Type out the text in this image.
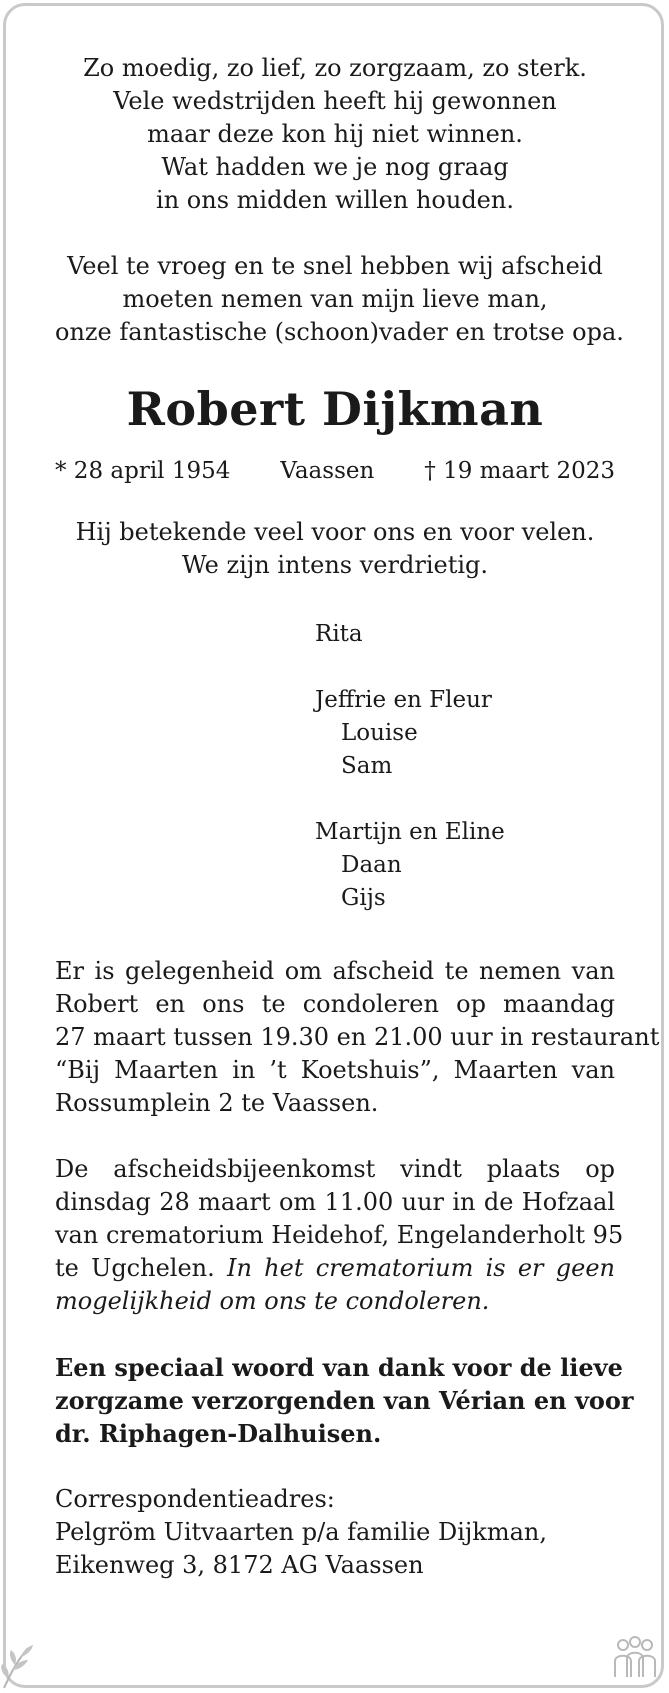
Zo moedig, zo lief, zo zorgzaam, zo sterk.
Vele wedstrijden heeft hij gewonnen
maar deze kon hij niet winnen.
Wat hadden we je nog graag
in ons midden willen houden.
Veel te vroeg en te snel hebben wij afscheid
moeten nemen van mijn lieve man,
onze fantastische (schoon)vader en trotse opa.
Robert Dijkman
* 28 april 1954 Vaassen † 19 maart 2023
Hij betekende veel voor ons en voor velen.
We zijn intens verdrietig.
Rita
Jeffrie en Fleur
Louise
Sam
Martijn en Eline
Daan
Gijs
Er is gelegenheid om afscheid te nemen van
Robert en ons te condoleren op maandag
27 maart tussen 19.30 en 21.00 uur in restaurant
“Bij Maarten in ’t Koetshuis”, Maarten van
Rossumplein 2 te Vaassen.
De afscheidsbijeenkomst vindt plaats op
dinsdag 28 maart om 11.00 uur in de Hofzaal
van crematorium Heidehof, Engelanderholt 95
te Ugchelen. In het crematorium is er geen
mogelijkheid om ons te condoleren.
Een speciaal woord van dank voor de lieve
zorgzame verzorgenden van Vérian en voor
dr. Riphagen-Dalhuisen.
Correspondentieadres:
Pelgröm Uitvaarten p/a familie Dijkman,
Eikenweg 3, 8172 AG Vaassen
